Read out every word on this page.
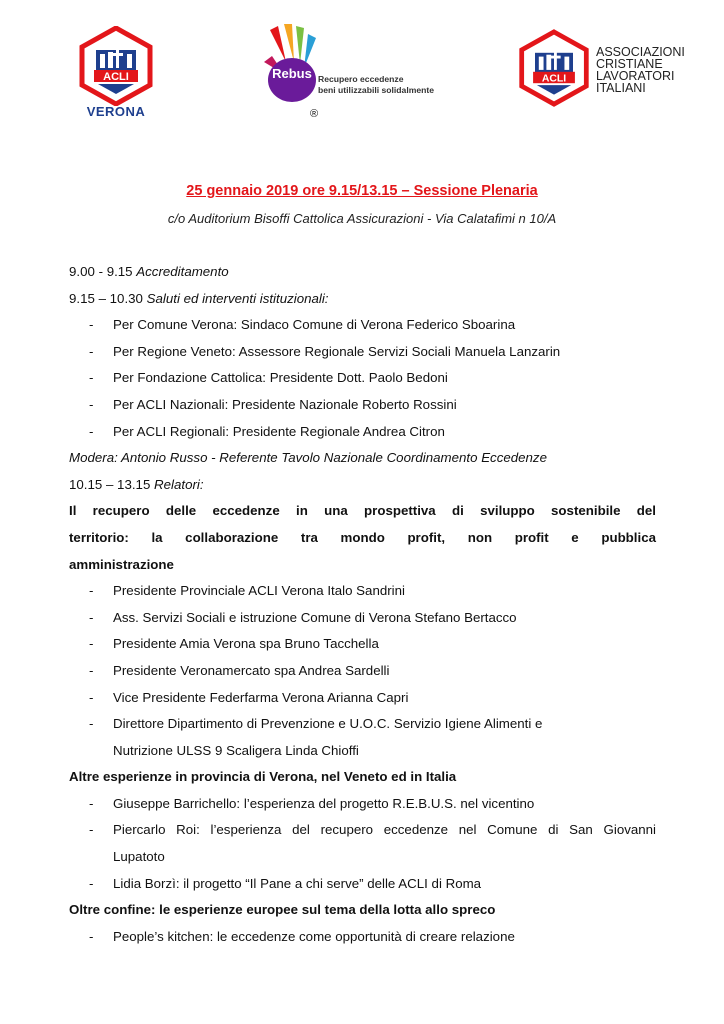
ACLI
VERONA
Rebus Recupero eccedenze
beni utilizzabili solidalmente
®
ACLI
ASSOCIAZIONI
CRISTIANE
LAVORATORI
ITALIANI
25 gennaio 2019 ore 9.15/13.15 – Sessione Plenaria
c/o Auditorium Bisoffi Cattolica Assicurazioni - Via Calatafimi n 10/A
9.00 - 9.15 Accreditamento
9.15 – 10.30 Saluti ed interventi istituzionali:
- Per Comune Verona: Sindaco Comune di Verona Federico Sboarina
- Per Regione Veneto: Assessore Regionale Servizi Sociali Manuela Lanzarin
- Per Fondazione Cattolica: Presidente Dott. Paolo Bedoni
- Per ACLI Nazionali: Presidente Nazionale Roberto Rossini
- Per ACLI Regionali: Presidente Regionale Andrea Citron
Modera: Antonio Russo - Referente Tavolo Nazionale Coordinamento Eccedenze
10.15 – 13.15 Relatori:
Il recupero delle eccedenze in una prospettiva di sviluppo sostenibile del
territorio: la collaborazione tra mondo profit, non profit e pubblica
amministrazione
- Presidente Provinciale ACLI Verona Italo Sandrini
- Ass. Servizi Sociali e istruzione Comune di Verona Stefano Bertacco
- Presidente Amia Verona spa Bruno Tacchella
- Presidente Veronamercato spa Andrea Sardelli
- Vice Presidente Federfarma Verona Arianna Capri
- Direttore Dipartimento di Prevenzione e U.O.C. Servizio Igiene Alimenti e
Nutrizione ULSS 9 Scaligera Linda Chioffi
Altre esperienze in provincia di Verona, nel Veneto ed in Italia
- Giuseppe Barrichello: l’esperienza del progetto R.E.B.U.S. nel vicentino
- Piercarlo Roi: l’esperienza del recupero eccedenze nel Comune di San Giovanni
Lupatoto
- Lidia Borzì: il progetto “Il Pane a chi serve” delle ACLI di Roma
Oltre confine: le esperienze europee sul tema della lotta allo spreco
- People’s kitchen: le eccedenze come opportunità di creare relazione
